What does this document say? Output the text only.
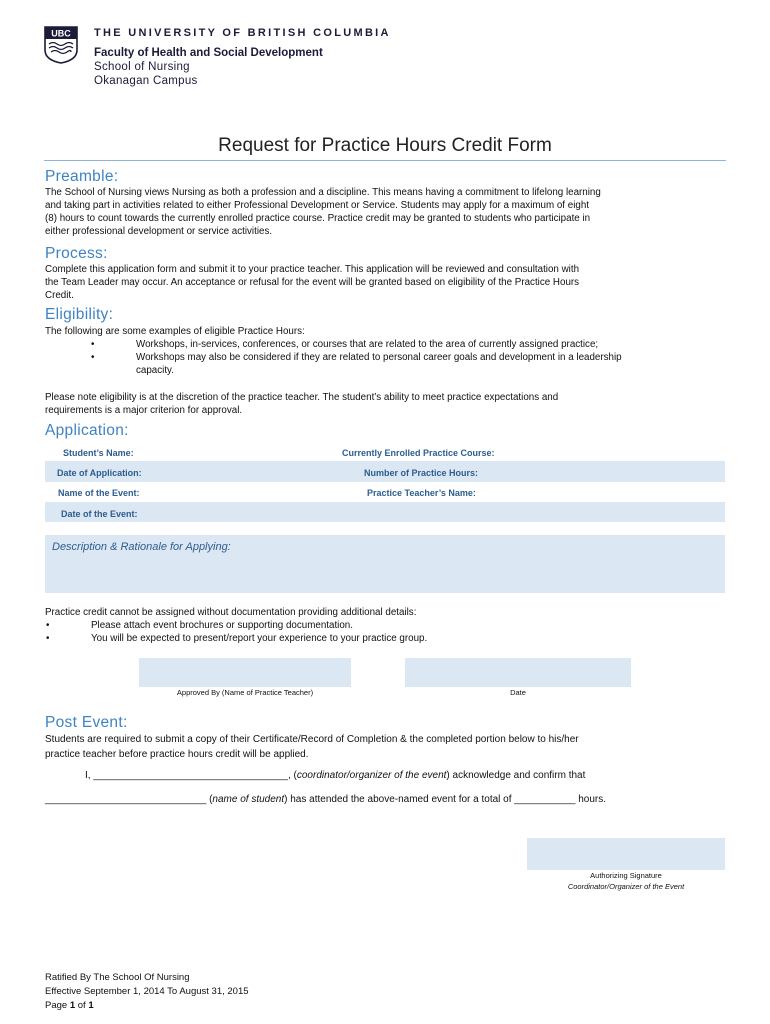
UBC THE UNIVERSITY OF BRITISH COLUMBIA
Faculty of Health and Social Development
School of Nursing
Okanagan Campus
Request for Practice Hours Credit Form
Preamble:
The School of Nursing views Nursing as both a profession and a discipline. This means having a commitment to lifelong learning
and taking part in activities related to either Professional Development or Service. Students may apply for a maximum of eight
(8) hours to count towards the currently enrolled practice course. Practice credit may be granted to students who participate in
either professional development or service activities.
Process:
Complete this application form and submit it to your practice teacher. This application will be reviewed and consultation with
the Team Leader may occur. An acceptance or refusal for the event will be granted based on eligibility of the Practice Hours
Credit.
Eligibility:
The following are some examples of eligible Practice Hours:
•	Workshops, in-services, conferences, or courses that are related to the area of currently assigned practice;
•	Workshops may also be considered if they are related to personal career goals and development in a leadership
capacity.
Please note eligibility is at the discretion of the practice teacher. The student’s ability to meet practice expectations and
requirements is a major criterion for approval.
Application:
Student’s Name:	Currently Enrolled Practice Course:
Date of Application:	Number of Practice Hours:
Name of the Event:	Practice Teacher’s Name:
Date of the Event:
Description & Rationale for Applying:
Practice credit cannot be assigned without documentation providing additional details:
•	Please attach event brochures or supporting documentation.
•	You will be expected to present/report your experience to your practice group.
Approved By (Name of Practice Teacher)	Date
Post Event:
Students are required to submit a copy of their Certificate/Record of Completion & the completed portion below to his/her
practice teacher before practice hours credit will be applied.
I, ___________________________________, (coordinator/organizer of the event) acknowledge and confirm that
_____________________________ (name of student) has attended the above-named event for a total of ___________ hours.
Authorizing Signature
Coordinator/Organizer of the Event
Ratified By The School Of Nursing
Effective September 1, 2014 To August 31, 2015
Page 1 of 1
